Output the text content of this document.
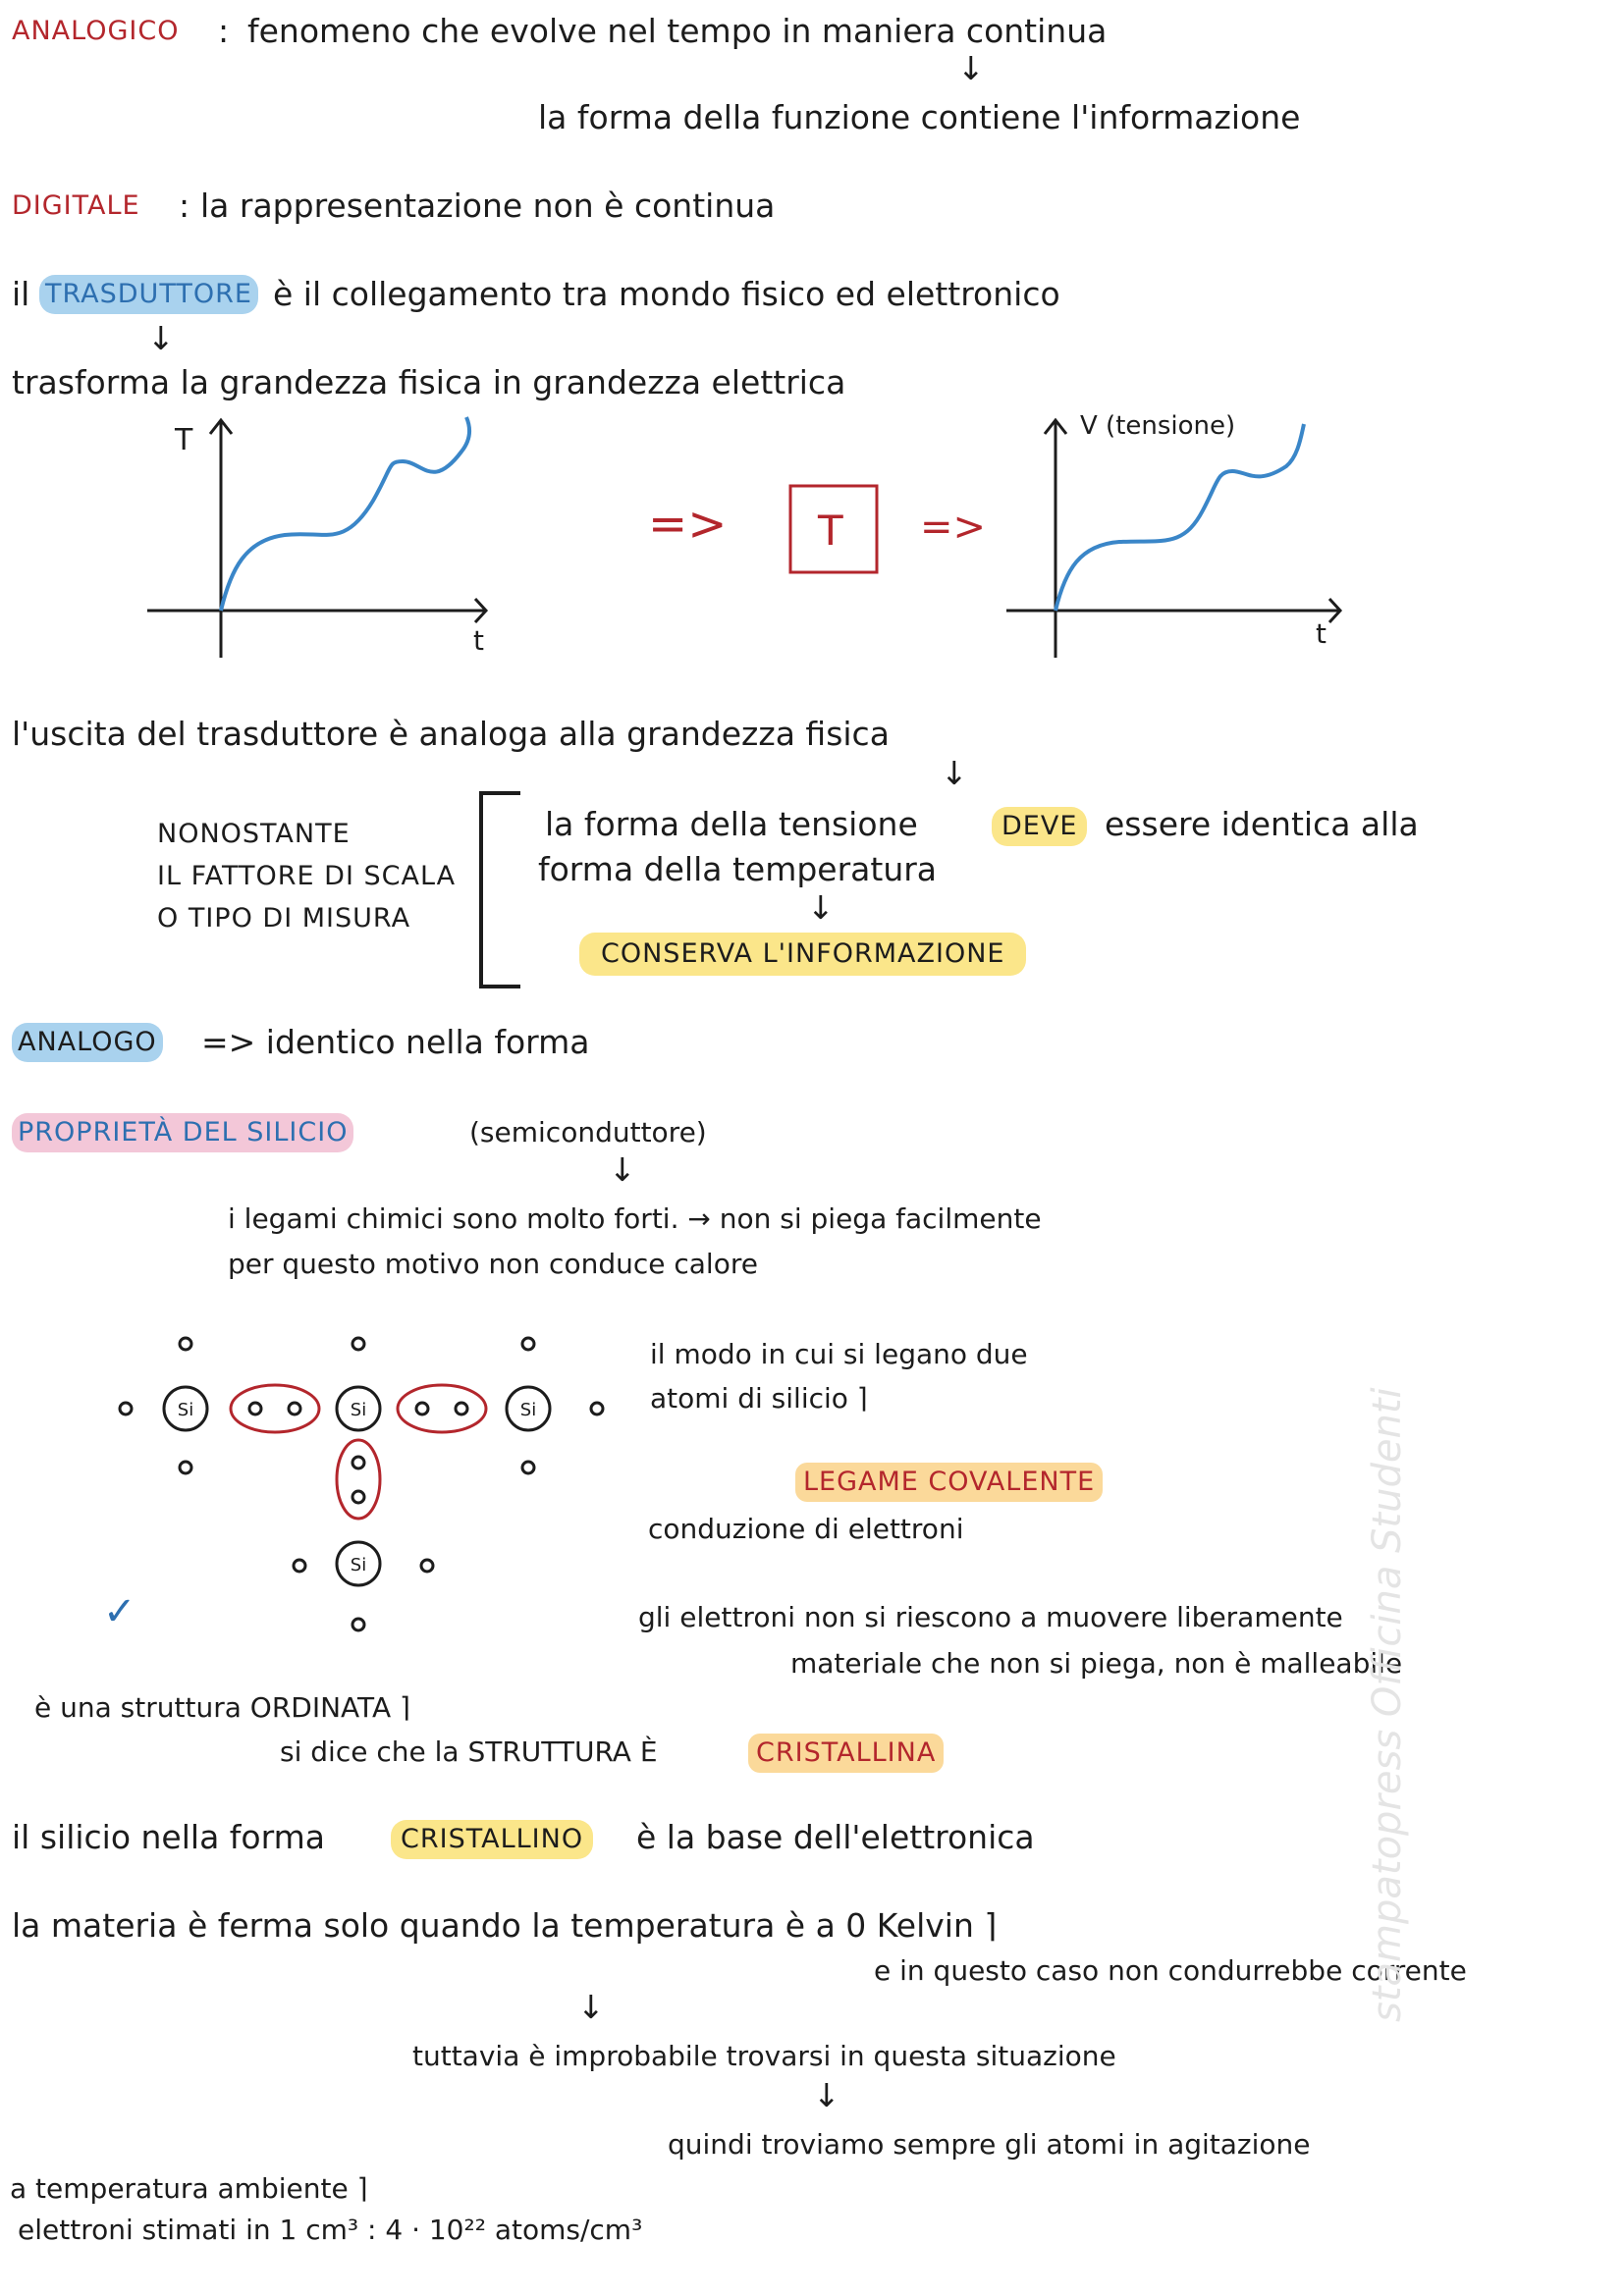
ANALOGICO : fenomeno che evolve nel tempo in maniera continua
↓
la forma della funzione contiene l'informazione
DIGITALE : la rappresentazione non è continua
il TRASDUTTORE è il collegamento tra mondo fisico ed elettronico
↓
trasforma la grandezza fisica in grandezza elettrica
T
t
=> T =>
V (tensione)
t
l'uscita del trasduttore è analoga alla grandezza fisica
↓
NONOSTANTE
IL FATTORE DI SCALA
O TIPO DI MISURA
la forma della tensione	DEVE essere identica alla
forma della temperatura
↓
CONSERVA L'INFORMAZIONE
ANALOGO => identico nella forma
PROPRIETÀ DEL SILICIO	(semiconduttore)
↓
i legami chimici sono molto forti. → non si piega facilmente
per questo motivo non conduce calore
Si	Si	Si
Si
il modo in cui si legano due
atomi di silicio ⌉
LEGAME COVALENTE
conduzione di elettroni
✓	gli elettroni non si riescono a muovere liberamente
materiale che non si piega, non è malleabile
è una struttura ORDINATA ⌉
si dice che la STRUTTURA È	CRISTALLINA
il silicio nella forma	CRISTALLINO	è la base dell'elettronica
la materia è ferma solo quando la temperatura è a 0 Kelvin ⌉
e in questo caso non condurrebbe corrente
↓
tuttavia è improbabile trovarsi in questa situazione
↓
quindi troviamo sempre gli atomi in agitazione
a temperatura ambiente ⌉
elettroni stimati in 1 cm³ : 4 · 10²² atoms/cm³
stampatopress Officina Studenti
